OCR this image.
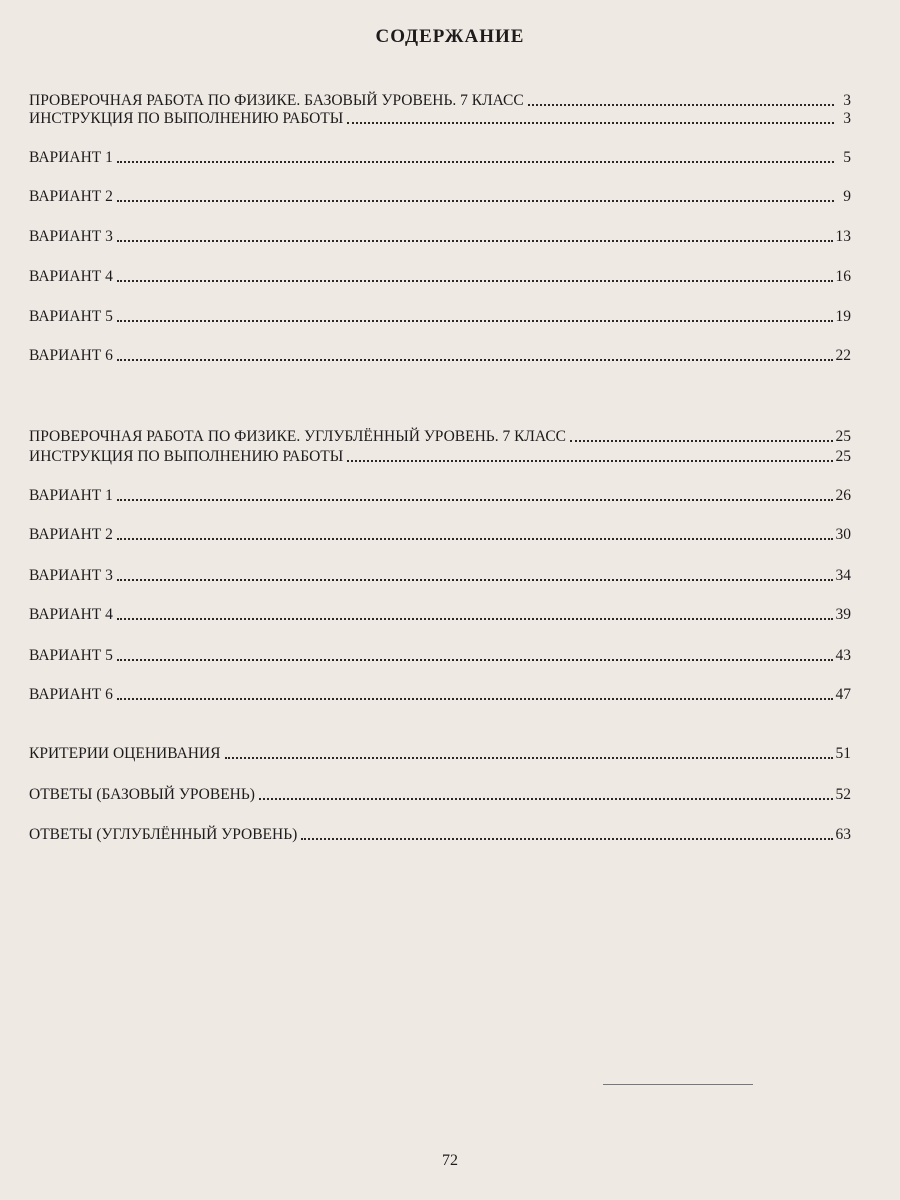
СОДЕРЖАНИЕ
ПРОВЕРОЧНАЯ РАБОТА ПО ФИЗИКЕ. БАЗОВЫЙ УРОВЕНЬ. 7 КЛАСС	3
ИНСТРУКЦИЯ ПО ВЫПОЛНЕНИЮ РАБОТЫ	3
ВАРИАНТ 1	5
ВАРИАНТ 2	9
ВАРИАНТ 3	13
ВАРИАНТ 4	16
ВАРИАНТ 5	19
ВАРИАНТ 6	22
ПРОВЕРОЧНАЯ РАБОТА ПО ФИЗИКЕ. УГЛУБЛЁННЫЙ УРОВЕНЬ. 7 КЛАСС	25
ИНСТРУКЦИЯ ПО ВЫПОЛНЕНИЮ РАБОТЫ	25
ВАРИАНТ 1	26
ВАРИАНТ 2	30
ВАРИАНТ 3	34
ВАРИАНТ 4	39
ВАРИАНТ 5	43
ВАРИАНТ 6	47
КРИТЕРИИ ОЦЕНИВАНИЯ	51
ОТВЕТЫ (БАЗОВЫЙ УРОВЕНЬ)	52
ОТВЕТЫ (УГЛУБЛЁННЫЙ УРОВЕНЬ)	63
72
